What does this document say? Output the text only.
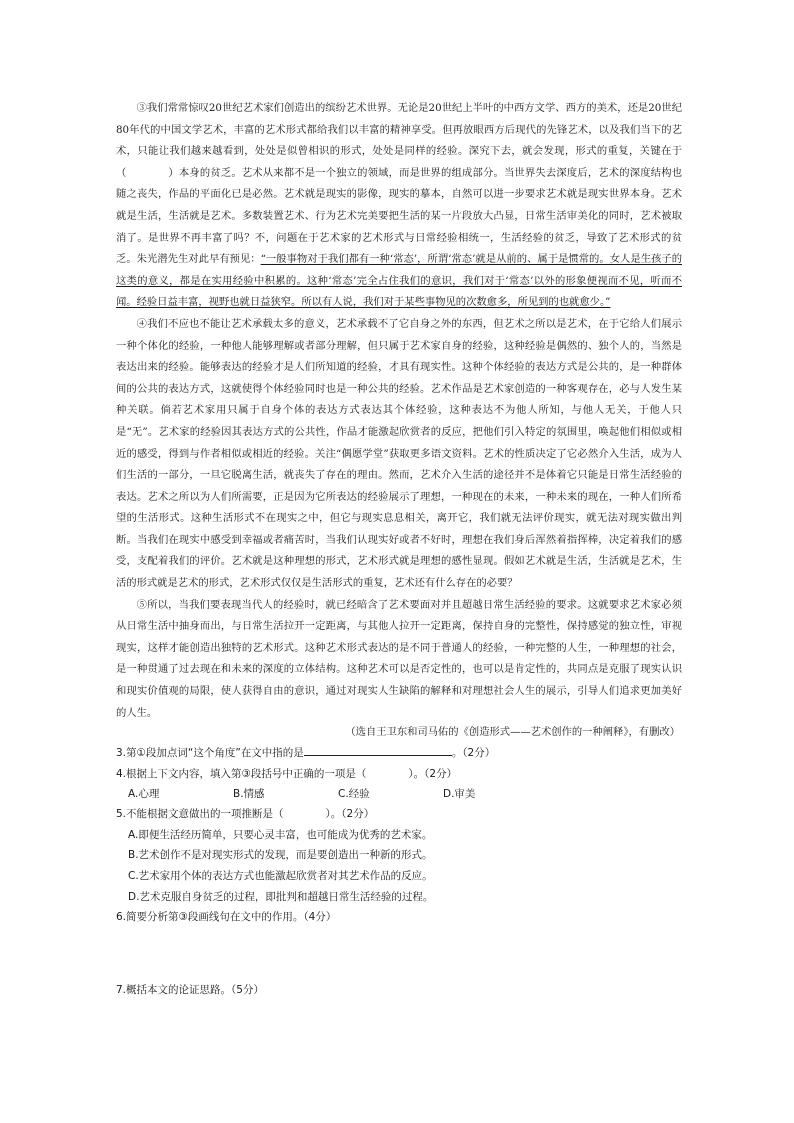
③我们常常惊叹20世纪艺术家们创造出的缤纷艺术世界。无论是20世纪上半叶的中西方文学、西方的美术，还是20世纪80年代的中国文学艺术，丰富的艺术形式都给我们以丰富的精神享受。但再放眼西方后现代的先锋艺术，以及我们当下的艺术，只能让我们越来越看到，处处是似曾相识的形式，处处是同样的经验。深究下去，就会发现，形式的重复，关键在于（　　　　）本身的贫乏。艺术从来都不是一个独立的领域，而是世界的组成部分。当世界失去深度后，艺术的深度结构也随之丧失，作品的平面化已是必然。艺术就是现实的影像，现实的摹本，自然可以进一步要求艺术就是现实世界本身。艺术就是生活，生活就是艺术。多数装置艺术、行为艺术完美要把生活的某一片段放大凸显，日常生活审美化的同时，艺术被取消了。是世界不再丰富了吗？不，问题在于艺术家的艺术形式与日常经验相统一，生活经验的贫乏，导致了艺术形式的贫乏。朱光潜先生对此早有预见：“一般事物对于我们都有一种‘常态’，所谓‘常态’就是从前的、属于是惯常的。女人是生孩子的这类的意义，都是在实用经验中积累的。这种‘常态’完全占住我们的意识，我们对于‘常态’以外的形象便视而不见，听而不闻。经验日益丰富，视野也就日益狭窄。所以有人说，我们对于某些事物见的次数愈多，所见到的也就愈少。”

④我们不应也不能让艺术承载太多的意义，艺术承载不了它自身之外的东西，但艺术之所以是艺术，在于它给人们展示一种个体化的经验，一种他人能够理解或者部分理解，但只属于艺术家自身的经验，这种经验是偶然的、独个人的，当然是表达出来的经验。能够表达的经验才是人们所知道的经验，才具有现实性。这种个体经验的表达方式是公共的，是一种群体间的公共的表达方式，这就使得个体经验同时也是一种公共的经验。艺术作品是艺术家创造的一种客观存在，必与人发生某种关联。倘若艺术家用只属于自身个体的表达方式表达其个体经验，这种表达不为他人所知，与他人无关，于他人只是“无”。艺术家的经验因其表达方式的公共性，作品才能激起欣赏者的反应，把他们引入特定的氛围里，唤起他们相似或相近的感受，得到与作者相似或相近的经验。关注“偶愿学堂”获取更多语文资料。艺术的性质决定了它必然介入生活，成为人们生活的一部分，一旦它脱离生活，就丧失了存在的理由。然而，艺术介入生活的途径并不是体着它只能是日常生活经验的表达。艺术之所以为人们所需要，正是因为它所表达的经验展示了理想，一种现在的未来，一种未来的现在，一种人们所希望的生活形式。这种生活形式不在现实之中，但它与现实息息相关，离开它，我们就无法评价现实，就无法对现实做出判断。当我们在现实中感受到幸福或者痛苦时，当我们认现实好或者不好时，理想在我们身后浑然着指挥棒，决定着我们的感受，支配着我们的评价。艺术就是这种理想的形式，艺术形式就是理想的感性显现。假如艺术就是生活，生活就是艺术，生活的形式就是艺术的形式，艺术形式仅仅是生活形式的重复，艺术还有什么存在的必要？

⑤所以，当我们要表现当代人的经验时，就已经暗含了艺术要面对并且超越日常生活经验的要求。这就要求艺术家必须从日常生活中抽身而出，与日常生活拉开一定距离，与其他人拉开一定距离，保持自身的完整性，保持感觉的独立性，审视现实，这样才能创造出独特的艺术形式。这种艺术形式表达的是不同于普通人的经验，一种完整的人生，一种理想的社会，是一种贯通了过去现在和未来的深度的立体结构。这种艺术可以是否定性的，也可以是肯定性的，共同点是克服了现实认识和现实价值观的局限，使人获得自由的意识，通过对现实人生缺陷的解释和对理想社会人生的展示，引导人们追求更加美好的人生。

（选自王卫东和司马佑的《创造形式——艺术创作的一种阐释》，有删改）

3.第①段加点词“这个角度”在文中指的是	。（2分）

4.根据上下文内容，填入第③段括号中正确的一项是（　　　　）。（2分）

A.心理	B.情感	C.经验	D.审美

5.不能根据文意做出的一项推断是（　　　　）。（2分）

A.即便生活经历简单，只要心灵丰富，也可能成为优秀的艺术家。

B.艺术创作不是对现实形式的发现，而是要创造出一种新的形式。

C.艺术家用个体的表达方式也能激起欣赏者对其艺术作品的反应。

D.艺术克服自身贫乏的过程，即批判和超越日常生活经验的过程。

6.简要分析第③段画线句在文中的作用。（4分）

7.概括本文的论证思路。（5分）
